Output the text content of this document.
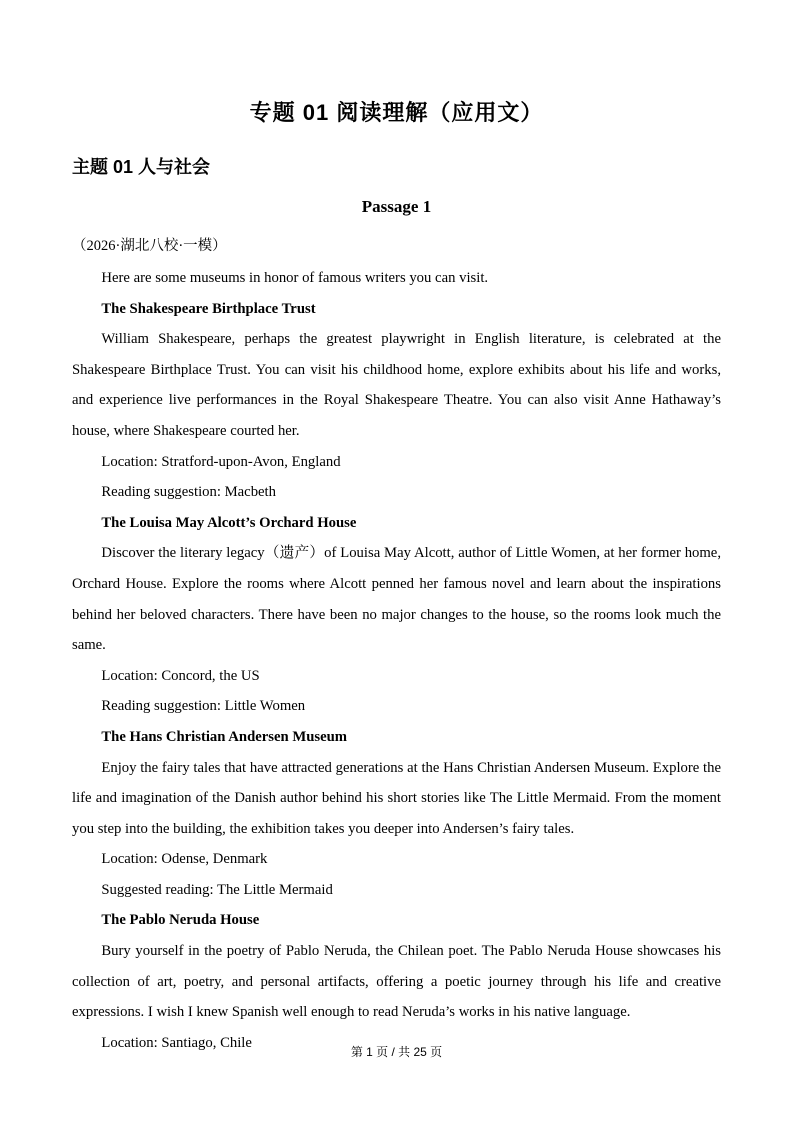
专题 01 阅读理解（应用文）
主题 01 人与社会
Passage 1

（2026·湖北八校·一模）

Here are some museums in honor of famous writers you can visit.

The Shakespeare Birthplace Trust

William Shakespeare, perhaps the greatest playwright in English literature, is celebrated at the Shakespeare Birthplace Trust. You can visit his childhood home, explore exhibits about his life and works, and experience live performances in the Royal Shakespeare Theatre. You can also visit Anne Hathaway’s house, where Shakespeare courted her.

Location: Stratford-upon-Avon, England

Reading suggestion: Macbeth

The Louisa May Alcott’s Orchard House

Discover the literary legacy（遗产）of Louisa May Alcott, author of Little Women, at her former home, Orchard House. Explore the rooms where Alcott penned her famous novel and learn about the inspirations behind her beloved characters. There have been no major changes to the house, so the rooms look much the same.

Location: Concord, the US

Reading suggestion: Little Women

The Hans Christian Andersen Museum

Enjoy the fairy tales that have attracted generations at the Hans Christian Andersen Museum. Explore the life and imagination of the Danish author behind his short stories like The Little Mermaid. From the moment you step into the building, the exhibition takes you deeper into Andersen’s fairy tales.

Location: Odense, Denmark

Suggested reading: The Little Mermaid

The Pablo Neruda House

Bury yourself in the poetry of Pablo Neruda, the Chilean poet. The Pablo Neruda House showcases his collection of art, poetry, and personal artifacts, offering a poetic journey through his life and creative expressions. I wish I knew Spanish well enough to read Neruda’s works in his native language.

Location: Santiago, Chile

第 1 页 / 共 25 页
